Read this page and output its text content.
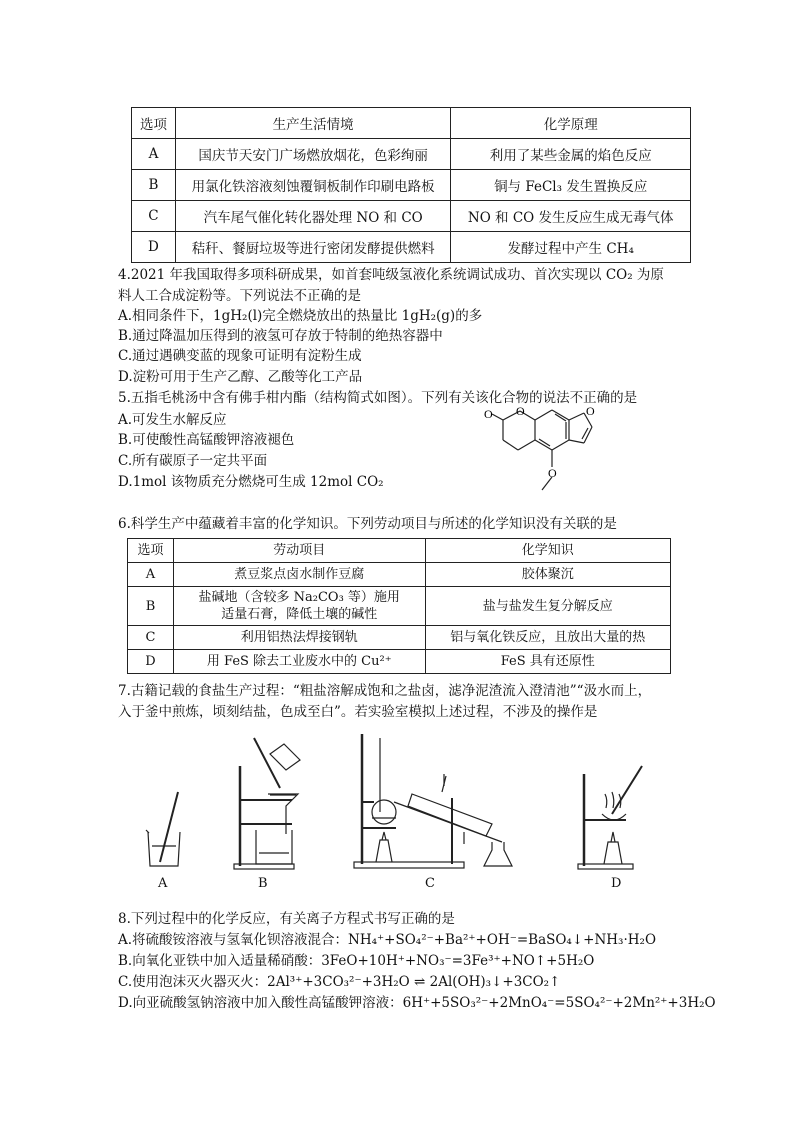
选项	生产生活情境	化学原理
A	国庆节天安门广场燃放烟花，色彩绚丽	利用了某些金属的焰色反应
B	用氯化铁溶液刻蚀覆铜板制作印刷电路板	铜与 FeCl₃ 发生置换反应
C	汽车尾气催化转化器处理 NO 和 CO	NO 和 CO 发生反应生成无毒气体
D	秸秆、餐厨垃圾等进行密闭发酵提供燃料	发酵过程中产生 CH₄
4.2021 年我国取得多项科研成果，如首套吨级氢液化系统调试成功、首次实现以 CO₂ 为原
料人工合成淀粉等。下列说法不正确的是
A.相同条件下，1gH₂(l)完全燃烧放出的热量比 1gH₂(g)的多
B.通过降温加压得到的液氢可存放于特制的绝热容器中
C.通过遇碘变蓝的现象可证明有淀粉生成
D.淀粉可用于生产乙醇、乙酸等化工产品
5.五指毛桃汤中含有佛手柑内酯（结构简式如图）。下列有关该化合物的说法不正确的是
A.可发生水解反应
B.可使酸性高锰酸钾溶液褪色
C.所有碳原子一定共平面
D.1mol 该物质充分燃烧可生成 12mol CO₂
O O	O
O
6.科学生产中蕴藏着丰富的化学知识。下列劳动项目与所述的化学知识没有关联的是
选项	劳动项目	化学知识
A	煮豆浆点卤水制作豆腐	胶体聚沉
B	盐碱地（含较多 Na₂CO₃ 等）施用适量石膏，降低土壤的碱性	盐与盐发生复分解反应
C	利用铝热法焊接钢轨	铝与氧化铁反应，且放出大量的热
D	用 FeS 除去工业废水中的 Cu²⁺	FeS 具有还原性
7.古籍记载的食盐生产过程：“粗盐溶解成饱和之盐卤，滤净泥渣流入澄清池”“汲水而上，
入于釜中煎炼，顷刻结盐，色成至白”。若实验室模拟上述过程，不涉及的操作是
A	B	C	D
8.下列过程中的化学反应，有关离子方程式书写正确的是
A.将硫酸铵溶液与氢氧化钡溶液混合：NH₄⁺+SO₄²⁻+Ba²⁺+OH⁻=BaSO₄↓+NH₃·H₂O
B.向氧化亚铁中加入适量稀硝酸：3FeO+10H⁺+NO₃⁻=3Fe³⁺+NO↑+5H₂O
C.使用泡沫灭火器灭火：2Al³⁺+3CO₃²⁻+3H₂O ⇌ 2Al(OH)₃↓+3CO₂↑
D.向亚硫酸氢钠溶液中加入酸性高锰酸钾溶液：6H⁺+5SO₃²⁻+2MnO₄⁻=5SO₄²⁻+2Mn²⁺+3H₂O
